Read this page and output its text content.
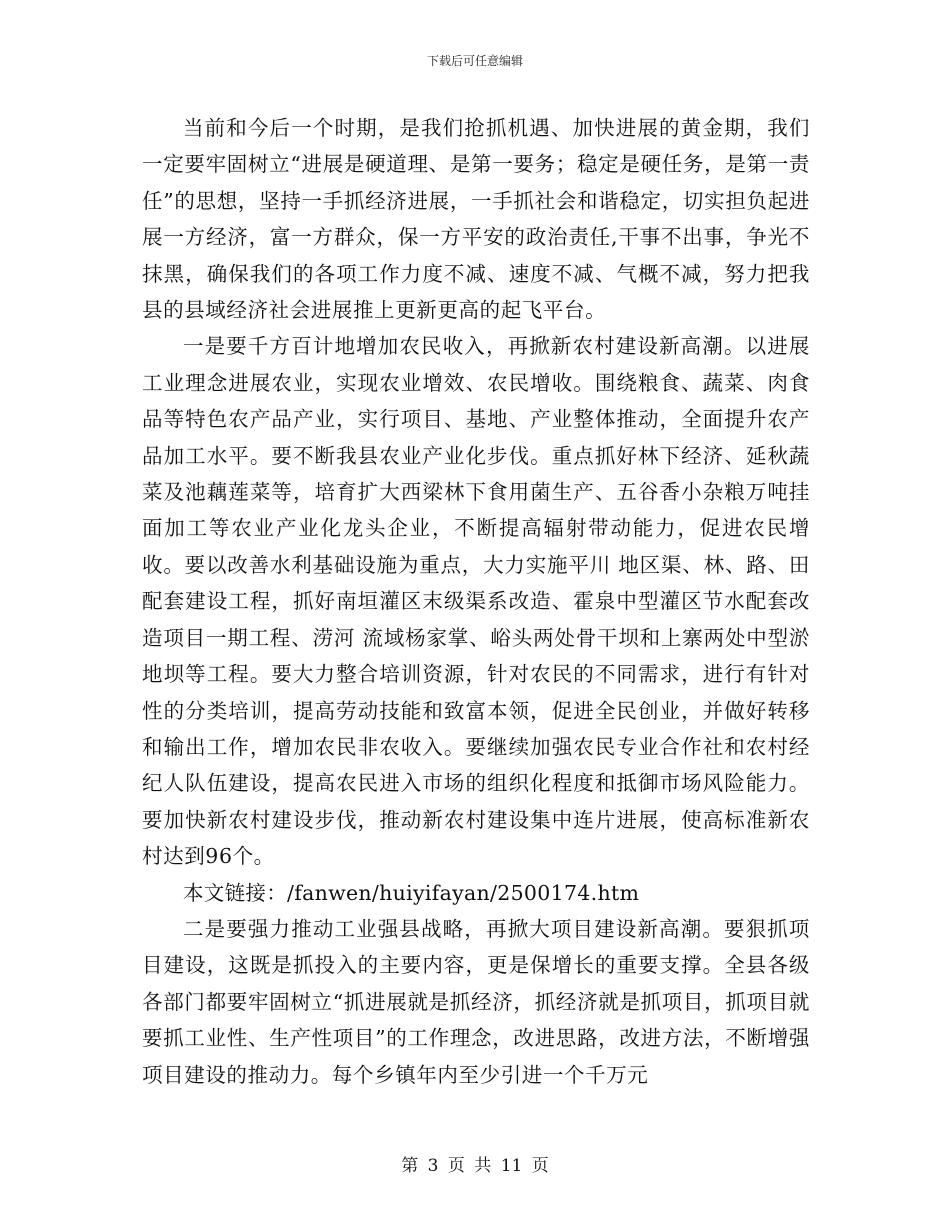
下载后可任意编辑

当前和今后一个时期，是我们抢抓机遇、加快进展的黄金期，我们一定要牢固树立“进展是硬道理、是第一要务；稳定是硬任务，是第一责任”的思想，坚持一手抓经济进展，一手抓社会和谐稳定，切实担负起进展一方经济，富一方群众，保一方平安的政治责任,干事不出事，争光不抹黑，确保我们的各项工作力度不减、速度不减、气概不减，努力把我县的县域经济社会进展推上更新更高的起飞平台。

一是要千方百计地增加农民收入，再掀新农村建设新高潮。以进展工业理念进展农业，实现农业增效、农民增收。围绕粮食、蔬菜、肉食品等特色农产品产业，实行项目、基地、产业整体推动，全面提升农产品加工水平。要不断我县农业产业化步伐。重点抓好林下经济、延秋蔬菜及池藕莲菜等，培育扩大西梁林下食用菌生产、五谷香小杂粮万吨挂面加工等农业产业化龙头企业，不断提高辐射带动能力，促进农民增收。要以改善水利基础设施为重点，大力实施平川 地区渠、林、路、田配套建设工程，抓好南垣灌区末级渠系改造、霍泉中型灌区节水配套改造项目一期工程、涝河 流域杨家掌、峪头两处骨干坝和上寨两处中型淤地坝等工程。要大力整合培训资源，针对农民的不同需求，进行有针对性的分类培训，提高劳动技能和致富本领，促进全民创业，并做好转移和输出工作，增加农民非农收入。要继续加强农民专业合作社和农村经纪人队伍建设，提高农民进入市场的组织化程度和抵御市场风险能力。要加快新农村建设步伐，推动新农村建设集中连片进展，使高标准新农村达到96个。

本文链接：/fanwen/huiyifayan/2500174.htm

二是要强力推动工业强县战略，再掀大项目建设新高潮。要狠抓项目建设，这既是抓投入的主要内容，更是保增长的重要支撑。全县各级各部门都要牢固树立“抓进展就是抓经济，抓经济就是抓项目，抓项目就要抓工业性、生产性项目”的工作理念，改进思路，改进方法，不断增强项目建设的推动力。每个乡镇年内至少引进一个千万元

第 3 页 共 11 页
